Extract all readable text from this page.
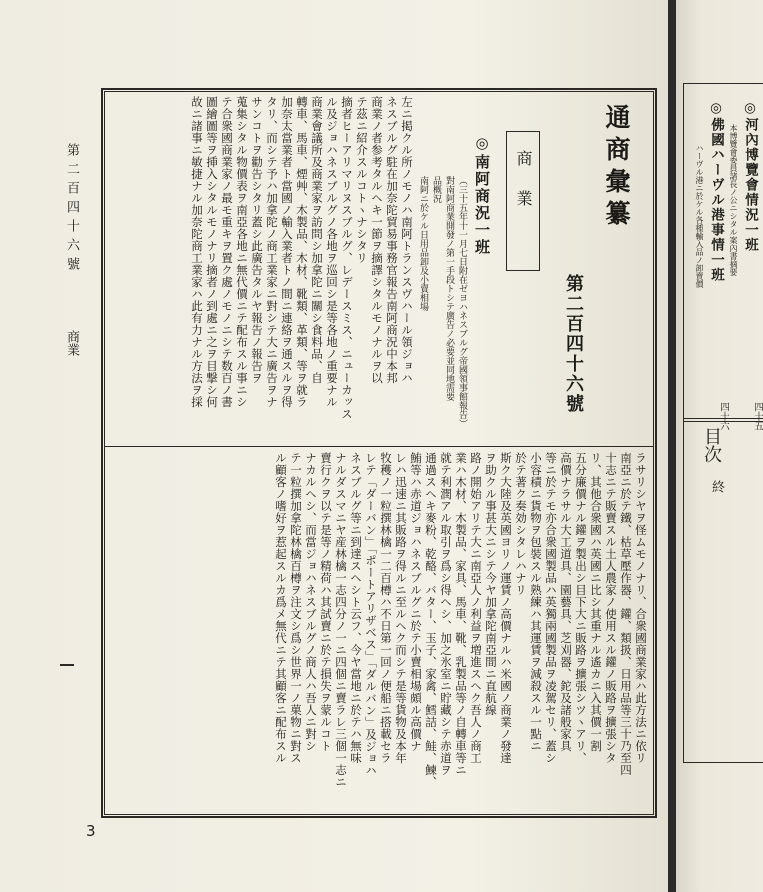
第二百四十六號
商業
3
通商彙纂
第二百四十六號
商業
◎南阿商況一班
（三十五年十一月七日附在ゼヨハネスブルグ帝國領事館報告）
對南阿商業開發ノ第一手段トシテ廣告ノ必要並同地需要
品概況
南阿ニ於ケル日用品卸及小賣相場
左ニ掲クル所ノモノハ南阿トランスヴハール領ジョハ
ネスブルグ駐在加奈陀貿易事務官報告南阿商況中本邦
商業ノ者参考タルヘキ一節ヲ摘譯シタルモノナルヲ以
テ茲ニ紹介スルコトヽナシタリ
摘者ヒーアリマリヌスブルグ、レデースミス、ニューカッス
ル及ジョハネスブルグノ各地ヲ巡回シ是等各地ノ重要ナル
商業會議所及商業家ヲ訪問シ加拿陀ニ關シ食料品、自
轉車、馬車、煙艸、木製品、木材、靴類、革類、等ヲ就ラ
加奈太當業者ト當國ノ輸入業者トノ間ニ連絡ヲ通スルヲ得
タリ、而シテ予ハ加拿陀ノ商工業家ニ對シテ大ニ廣告ヲナ
サンコトヲ勸告シタリ蓋シ此廣告タルヤ報告ノ報告ヲ
蒐集シタル物價表ヲ南亞各地ニ無代價ニテ配布スル事ニシ
テ合衆國商業家ノ最モ重キヲ置ク處ノモノニシテ数百ノ書
圖繪圖等ヲ挿入シタルモノナリ摘者ノ到處ニ之ヲ目撃シ何
故ニ諸事ニ敏捷ナル加奈陀商工業家ハ此有力ナル方法ヲ採
ラサリシヤヲ怪ムモノナリ、合衆國商業家ハ此方法ニ依リ
南亞ニ於テ鐵、枯草壓作器、鑵、類扱、日用品等三十乃至四
十志ニテ販賣スル土人農家ノ使用スル鑵ノ販路ヲ擴張シタ
リ、其他合衆國ハ英國ニ比シ其重ナル遙カニ入其價一割
五分廉價ナル鑵ヲ製出シ目下大ニ販路ヲ擴張シツヽアリ、
高價ナラサル大工道具、園藝具、芝刈器、鉈及諸般家具
等ニ於テモ亦合衆國製品ハ英獨兩國製品ヲ凌駕セリ、蓋シ
小容積ニ貨物ヲ包裝スル熟練ハ其運賃ヲ減殺スル一點ニ
於テ著ク奏効シタレハナリ
斯ク大陸及英國ヨリノ運賃ノ高價ナルハ米國ノ商業ノ發達
ヲ助クル事甚大ニシテ今ヤ加拿陀南亞間ニ直航線
路ノ開始アリテ大ニ南亞人ノ利益ヲ増進スヘク吾人ノ商工
業ハ木材、木製品、家具、馬車、靴、乳製品等ノ自轉車等ニ
就テ利潤アル取引ヲ爲シ得ヘシ、加之氷室ニ貯藏シテ赤道ヲ
通過スヘキ麥粉、乾酪、バター、玉子、家禽、鱈詰、鮭、鰊、
鮪等ハ赤道ジョハネスブルグニ於テ小賣相場頗ル高價ナ
レハ迅速ニ其販路ヲ得ルニ至ルヘク而シテ是等貨物及本年
牧穫ノ一粒撰林檎一二百樽ハ不日第一回ノ便船ニ搭載セラ
レテ「ダーバン」「ポートアリザベス」「ダルバン」及ジョハ
ネスブルグ等ニ到達スヘシト云フ、今ヤ當地ニ於テハ無味
ナルダスマニヤ産林檎一志四分ノ一ニ四個ニ賣ラレ三個一志ニ
賣行クヲ以テ是等ノ精荷ハ其試賣ニ於テ損失ヲ蒙ルコト
ナカルヘシ、而當ジョハネスブルグノ商人ハ吾人ニ對シ
テ一粒撰加拿陀林檎百樽ヲ注文シ爲シ世界一ノ菓物ニ對ス
ル顧客ノ嗜好ヲ惹起スルカ爲メ無代ニテ其顧客ニ配布スル
◎河內博覽會情況一班
本博覽會委員諸長ノ公ニシタル案內書摘要
◎佛國ハーヴル港事情一班
ハーヴル港ニ於ケル各種輸入品ノ卸賣價
四十五
四十六
目次
終
